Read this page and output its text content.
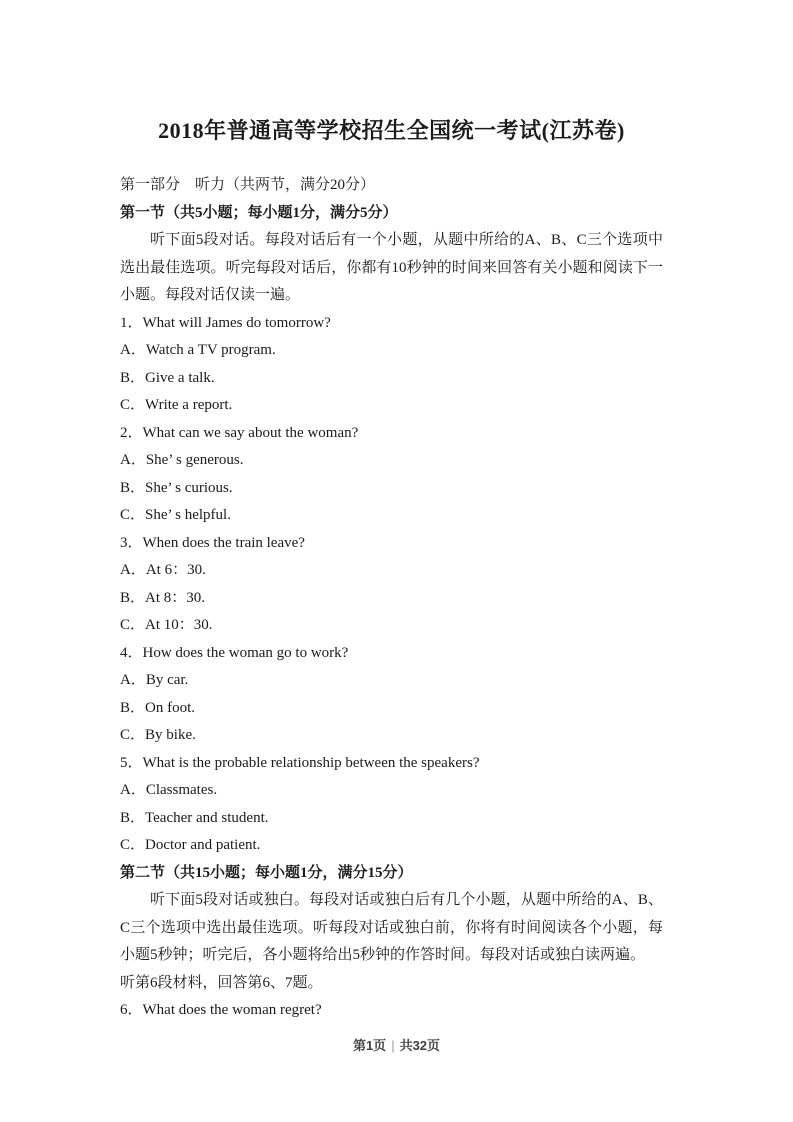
2018年普通高等学校招生全国统一考试(江苏卷)

第一部分　听力（共两节，满分20分）

第一节（共5小题；每小题1分，满分5分）

听下面5段对话。每段对话后有一个小题，从题中所给的A、B、C三个选项中选出最佳选项。听完每段对话后，你都有10秒钟的时间来回答有关小题和阅读下一小题。每段对话仅读一遍。

1．What will James do tomorrow?

A．Watch a TV program.

B．Give a talk.

C．Write a report.

2．What can we say about the woman?

A．She’ s generous.

B．She’ s curious.

C．She’ s helpful.

3．When does the train leave?

A．At 6：30.

B．At 8：30.

C．At 10：30.

4．How does the woman go to work?

A．By car.

B．On foot.

C．By bike.

5．What is the probable relationship between the speakers?

A．Classmates.

B．Teacher and student.

C．Doctor and patient.

第二节（共15小题；每小题1分，满分15分）

听下面5段对话或独白。每段对话或独白后有几个小题，从题中所给的A、B、C三个选项中选出最佳选项。听每段对话或独白前，你将有时间阅读各个小题，每小题5秒钟；听完后，各小题将给出5秒钟的作答时间。每段对话或独白读两遍。

听第6段材料，回答第6、7题。

6．What does the woman regret?

第1页 | 共32页
